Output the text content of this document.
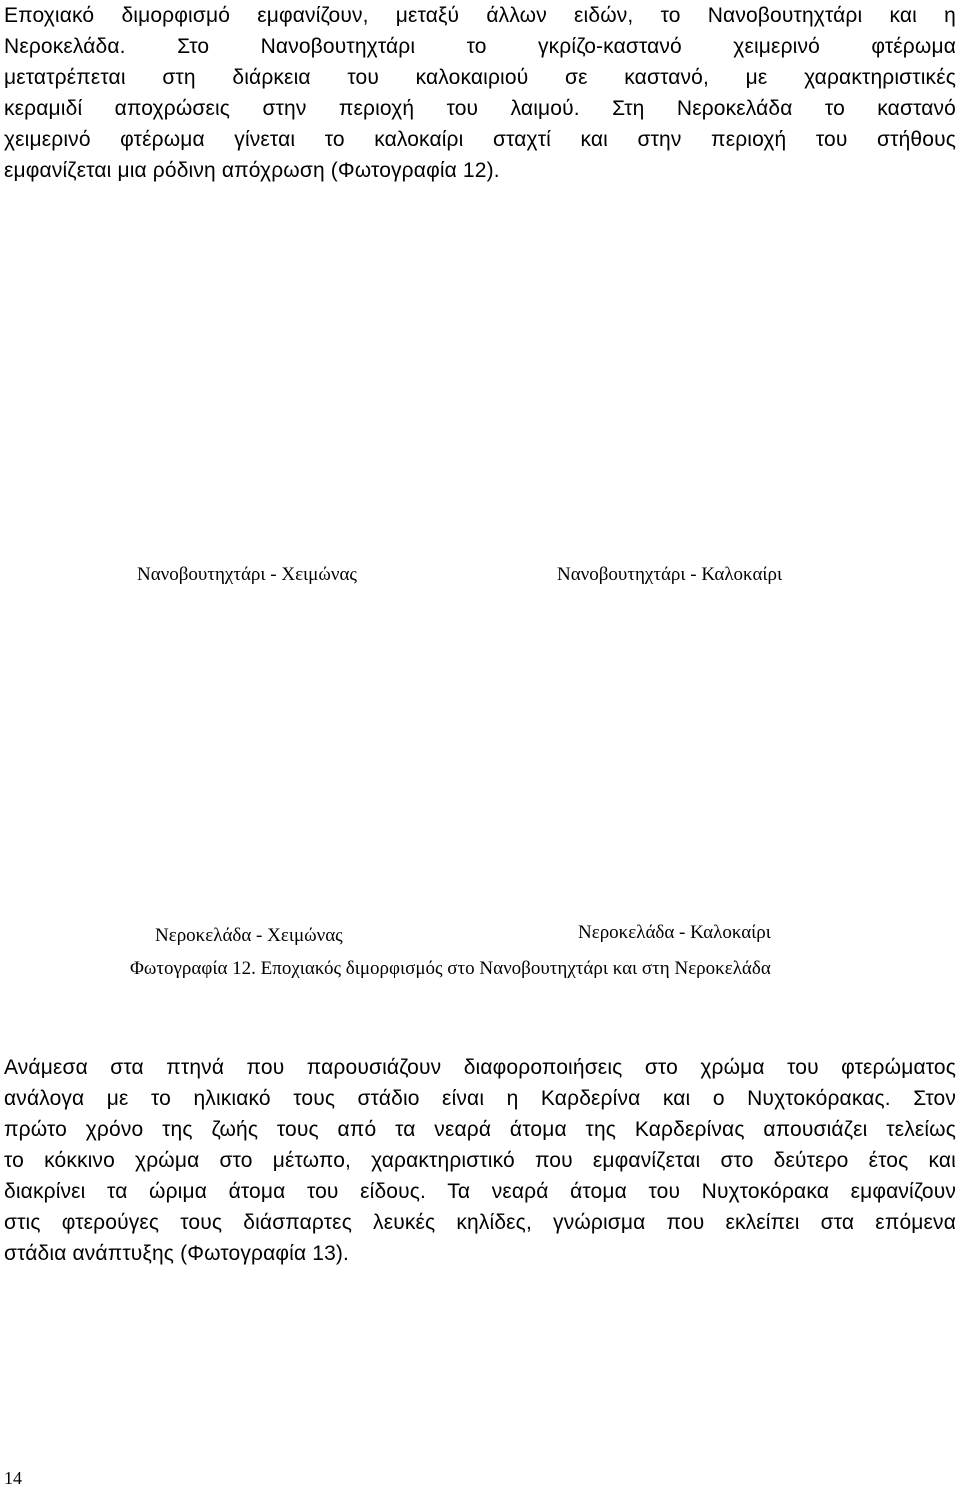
Εποχιακό διμορφισμό εμφανίζουν, μεταξύ άλλων ειδών, το Νανοβουτηχτάρι και η
Νεροκελάδα. Στο Νανοβουτηχτάρι το γκρίζο-καστανό χειμερινό φτέρωμα
μετατρέπεται στη διάρκεια του καλοκαιριού σε καστανό, με χαρακτηριστικές
κεραμιδί αποχρώσεις στην περιοχή του λαιμού. Στη Νεροκελάδα το καστανό
χειμερινό φτέρωμα γίνεται το καλοκαίρι σταχτί και στην περιοχή του στήθους
εμφανίζεται μια ρόδινη απόχρωση (Φωτογραφία 12).
Νανοβουτηχτάρι - Χειμώνας	Νανοβουτηχτάρι - Καλοκαίρι
Νεροκελάδα - Χειμώνας	Νεροκελάδα - Καλοκαίρι
Φωτογραφία 12. Εποχιακός διμορφισμός στο Νανοβουτηχτάρι και στη Νεροκελάδα
Ανάμεσα στα πτηνά που παρουσιάζουν διαφοροποιήσεις στο χρώμα του φτερώματος
ανάλογα με το ηλικιακό τους στάδιο είναι η Καρδερίνα και ο Νυχτοκόρακας. Στον
πρώτο χρόνο της ζωής τους από τα νεαρά άτομα της Καρδερίνας απουσιάζει τελείως
το κόκκινο χρώμα στο μέτωπο, χαρακτηριστικό που εμφανίζεται στο δεύτερο έτος και
διακρίνει τα ώριμα άτομα του είδους. Τα νεαρά άτομα του Νυχτοκόρακα εμφανίζουν
στις φτερούγες τους διάσπαρτες λευκές κηλίδες, γνώρισμα που εκλείπει στα επόμενα
στάδια ανάπτυξης (Φωτογραφία 13).
14
